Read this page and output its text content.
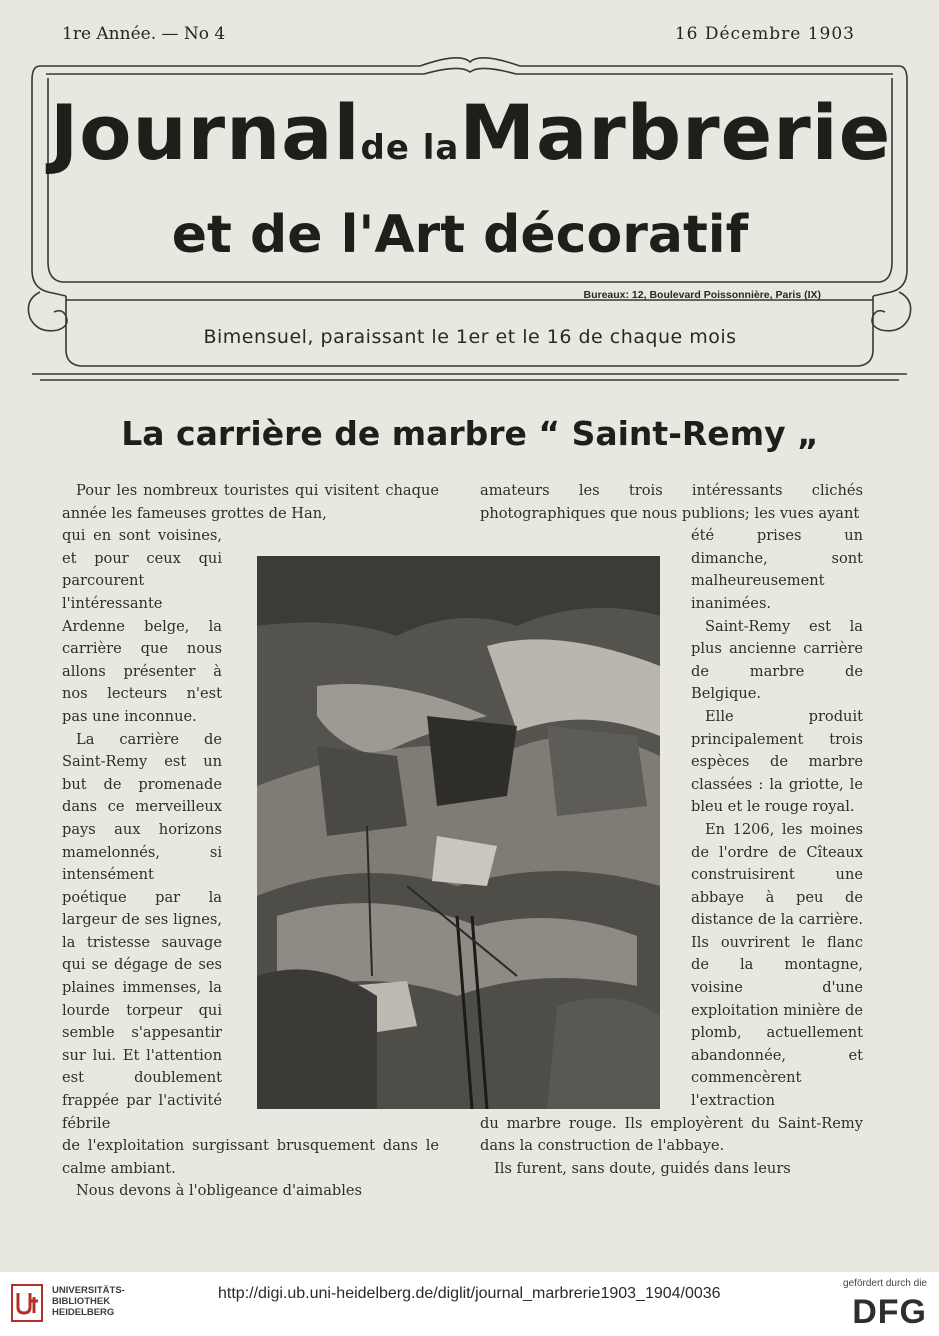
1re Année. — No 4	16 Décembre 1903
Journalde laMarbrerie
et de l'Art décoratif
Bureaux: 12, Boulevard Poissonnière, Paris (IX)
Bimensuel, paraissant le 1er et le 16 de chaque mois
La carrière de marbre “ Saint-Remy „

Pour les nombreux touristes qui visitent chaque année les fameuses grottes de Han,

qui en sont voisines, et pour ceux qui parcourent l'intéressante Ardenne belge, la carrière que nous allons présenter à nos lecteurs n'est pas une inconnue.

La carrière de Saint-Remy est un but de promenade dans ce merveilleux pays aux horizons mamelonnés, si intensément poétique par la largeur de ses lignes, la tristesse sauvage qui se dégage de ses plaines immenses, la lourde torpeur qui semble s'appesantir sur lui. Et l'attention est doublement frappée par l'activité fébrile

de l'exploitation surgissant brusquement dans le calme ambiant.

Nous devons à l'obligeance d'aimables

amateurs les trois intéressants clichés photographiques que nous publions; les vues ayant

été prises un dimanche, sont malheureusement inanimées.

Saint-Remy est la plus ancienne carrière de marbre de Belgique.

Elle produit principalement trois espèces de marbre classées : la griotte, le bleu et le rouge royal.

En 1206, les moines de l'ordre de Cîteaux construisirent une abbaye à peu de distance de la carrière. Ils ouvrirent le flanc de la montagne, voisine d'une exploitation minière de plomb, actuellement abandonnée, et commencèrent l'extraction

du marbre rouge. Ils employèrent du Saint-Remy dans la construction de l'abbaye.

Ils furent, sans doute, guidés dans leurs

UNIVERSITÄTS-
BIBLIOTHEK
HEIDELBERG
http://digi.ub.uni-heidelberg.de/diglit/journal_marbrerie1903_1904/0036
gefördert durch die
DFG
